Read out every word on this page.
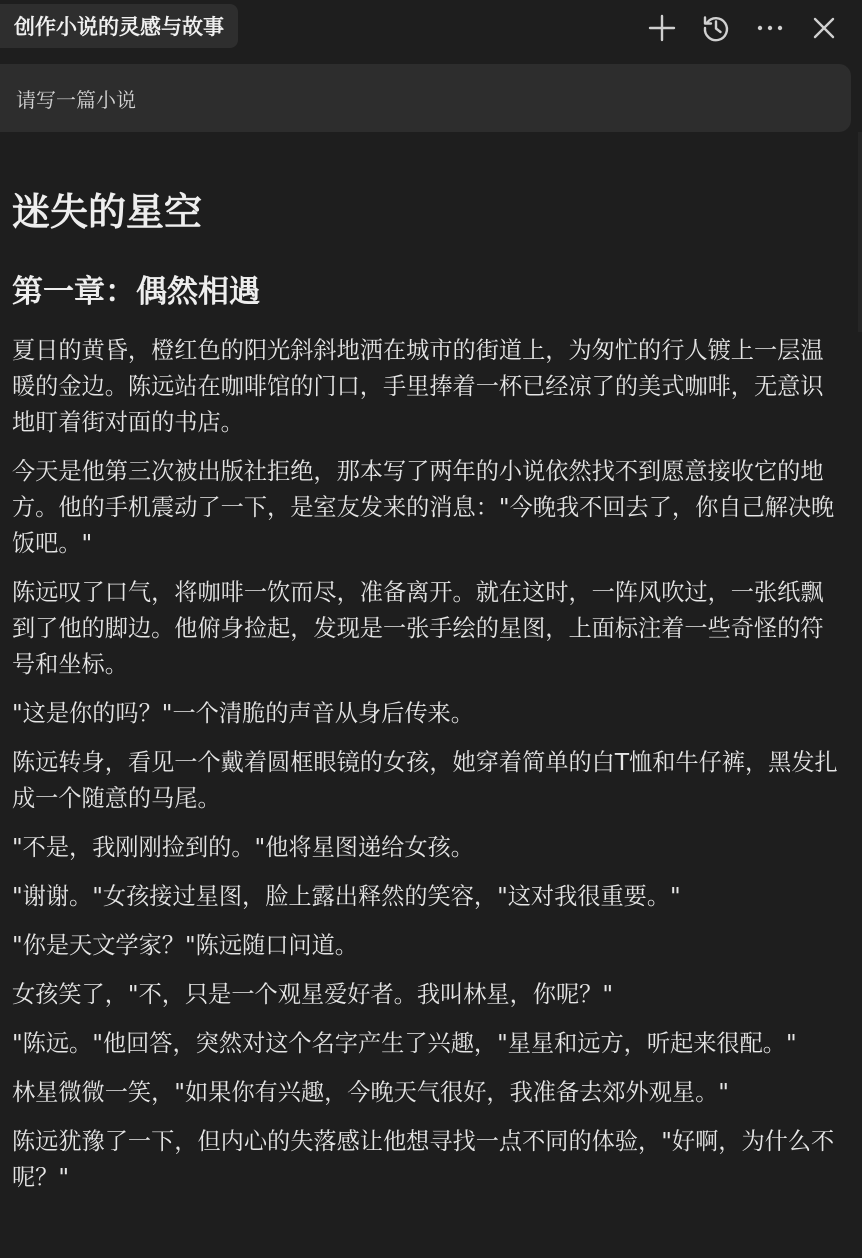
创作小说的灵感与故事
请写一篇小说
迷失的星空
第一章：偶然相遇

夏日的黄昏，橙红色的阳光斜斜地洒在城市的街道上，为匆忙的行人镀上一层温暖的金边。陈远站在咖啡馆的门口，手里捧着一杯已经凉了的美式咖啡，无意识地盯着街对面的书店。

今天是他第三次被出版社拒绝，那本写了两年的小说依然找不到愿意接收它的地方。他的手机震动了一下，是室友发来的消息："今晚我不回去了，你自己解决晚饭吧。"

陈远叹了口气，将咖啡一饮而尽，准备离开。就在这时，一阵风吹过，一张纸飘到了他的脚边。他俯身捡起，发现是一张手绘的星图，上面标注着一些奇怪的符号和坐标。

"这是你的吗？"一个清脆的声音从身后传来。

陈远转身，看见一个戴着圆框眼镜的女孩，她穿着简单的白T恤和牛仔裤，黑发扎成一个随意的马尾。

"不是，我刚刚捡到的。"他将星图递给女孩。

"谢谢。"女孩接过星图，脸上露出释然的笑容，"这对我很重要。"

"你是天文学家？"陈远随口问道。

女孩笑了，"不，只是一个观星爱好者。我叫林星，你呢？"

"陈远。"他回答，突然对这个名字产生了兴趣，"星星和远方，听起来很配。"

林星微微一笑，"如果你有兴趣，今晚天气很好，我准备去郊外观星。"

陈远犹豫了一下，但内心的失落感让他想寻找一点不同的体验，"好啊，为什么不呢？"
